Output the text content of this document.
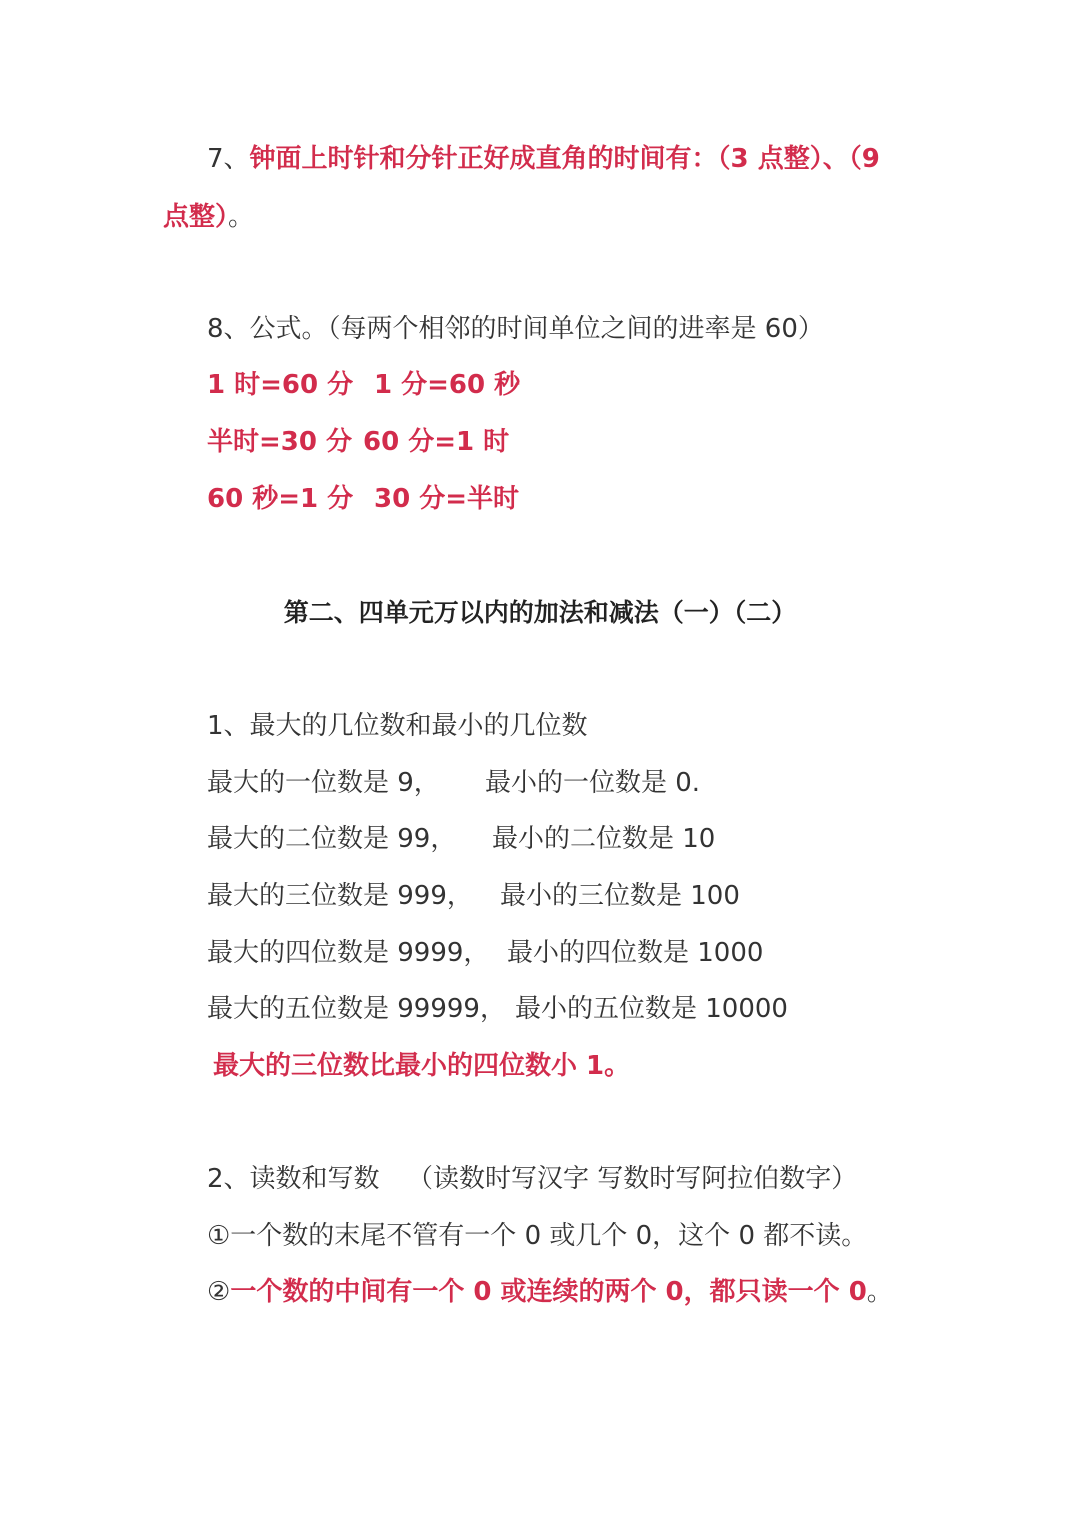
7、钟面上时针和分针正好成直角的时间有：（3 点整）、（9
点整）。
8、公式。（每两个相邻的时间单位之间的进率是 60）
1 时=60 分 1 分=60 秒
半时=30 分 60 分=1 时
60 秒=1 分 30 分=半时
第二、四单元万以内的加法和减法（一）（二）
1、最大的几位数和最小的几位数
最大的一位数是 9， 最小的一位数是 0.
最大的二位数是 99， 最小的二位数是 10
最大的三位数是 999， 最小的三位数是 100
最大的四位数是 9999， 最小的四位数是 1000
最大的五位数是 99999， 最小的五位数是 10000
最大的三位数比最小的四位数小 1。
2、读数和写数 （读数时写汉字 写数时写阿拉伯数字）
①一个数的末尾不管有一个 0 或几个 0，这个 0 都不读。
②一个数的中间有一个 0 或连续的两个 0，都只读一个 0。
